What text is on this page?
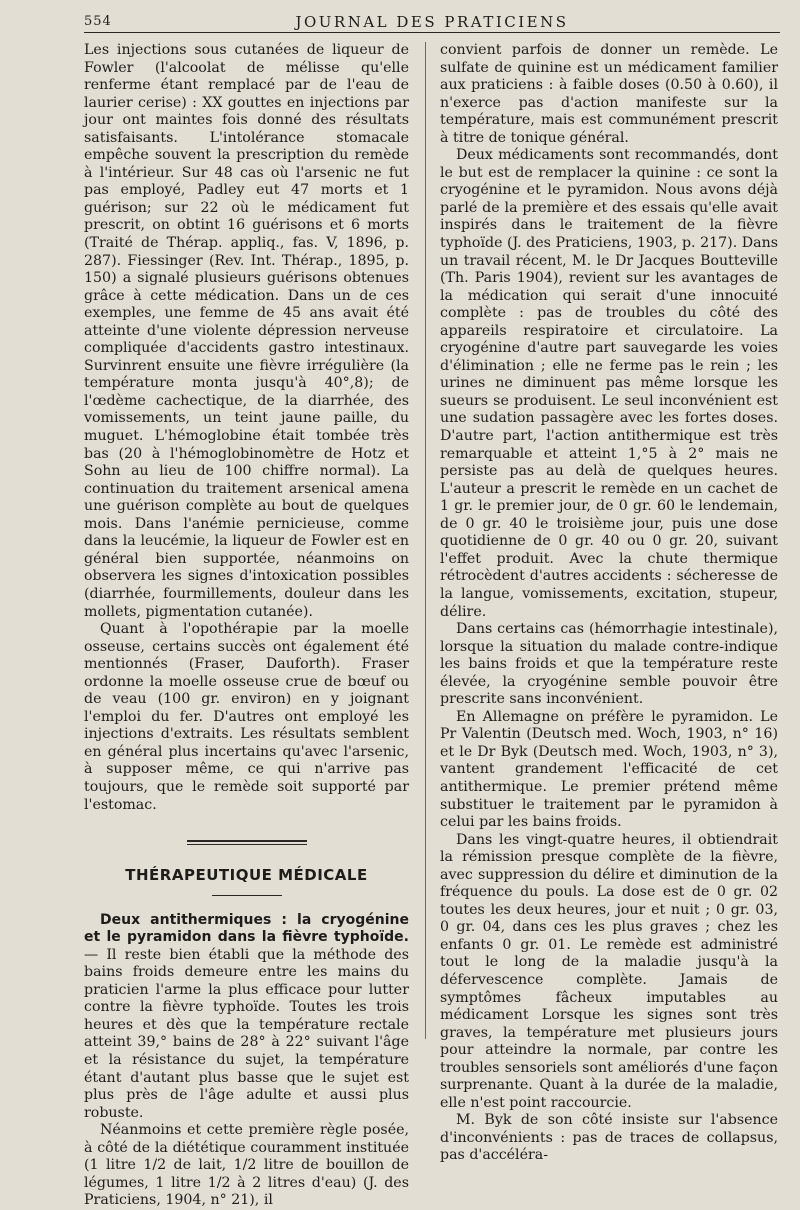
554	JOURNAL DES PRATICIENS

Les injections sous cutanées de liqueur de Fowler (l'alcoolat de mélisse qu'elle renferme étant remplacé par de l'eau de laurier cerise) : XX gouttes en injections par jour ont maintes fois donné des résultats satisfaisants. L'intolérance stomacale empêche souvent la prescription du remède à l'intérieur. Sur 48 cas où l'arsenic ne fut pas employé, Padley eut 47 morts et 1 guérison; sur 22 où le médicament fut prescrit, on obtint 16 guérisons et 6 morts (Traité de Thérap. appliq., fas. V, 1896, p. 287). Fiessinger (Rev. Int. Thérap., 1895, p. 150) a signalé plusieurs guérisons obtenues grâce à cette médication. Dans un de ces exemples, une femme de 45 ans avait été atteinte d'une violente dépression nerveuse compliquée d'accidents gastro intestinaux. Survinrent ensuite une fièvre irrégulière (la température monta jusqu'à 40°,8); de l'œdème cachectique, de la diarrhée, des vomissements, un teint jaune paille, du muguet. L'hémoglobine était tombée très bas (20 à l'hémoglobinomètre de Hotz et Sohn au lieu de 100 chiffre normal). La continuation du traitement arsenical amena une guérison complète au bout de quelques mois. Dans l'anémie pernicieuse, comme dans la leucémie, la liqueur de Fowler est en général bien supportée, néanmoins on observera les signes d'intoxication possibles (diarrhée, fourmillements, douleur dans les mollets, pigmentation cutanée).

Quant à l'opothérapie par la moelle osseuse, certains succès ont également été mentionnés (Fraser, Dauforth). Fraser ordonne la moelle osseuse crue de bœuf ou de veau (100 gr. environ) en y joignant l'emploi du fer. D'autres ont employé les injections d'extraits. Les résultats semblent en général plus incertains qu'avec l'arsenic, à supposer même, ce qui n'arrive pas toujours, que le remède soit supporté par l'estomac.

THÉRAPEUTIQUE MÉDICALE

Deux antithermiques : la cryogénine et le pyramidon dans la fièvre typhoïde. — Il reste bien établi que la méthode des bains froids demeure entre les mains du praticien l'arme la plus efficace pour lutter contre la fièvre typhoïde. Toutes les trois heures et dès que la température rectale atteint 39,° bains de 28° à 22° suivant l'âge et la résistance du sujet, la température étant d'autant plus basse que le sujet est plus près de l'âge adulte et aussi plus robuste.

Néanmoins et cette première règle posée, à côté de la diététique couramment instituée (1 litre 1/2 de lait, 1/2 litre de bouillon de légumes, 1 litre 1/2 à 2 litres d'eau) (J. des Praticiens, 1904, n° 21), il

convient parfois de donner un remède. Le sulfate de quinine est un médicament familier aux praticiens : à faible doses (0.50 à 0.60), il n'exerce pas d'action manifeste sur la température, mais est communément prescrit à titre de tonique général.

Deux médicaments sont recommandés, dont le but est de remplacer la quinine : ce sont la cryogénine et le pyramidon. Nous avons déjà parlé de la première et des essais qu'elle avait inspirés dans le traitement de la fièvre typhoïde (J. des Praticiens, 1903, p. 217). Dans un travail récent, M. le Dr Jacques Boutteville (Th. Paris 1904), revient sur les avantages de la médication qui serait d'une innocuité complète : pas de troubles du côté des appareils respiratoire et circulatoire. La cryogénine d'autre part sauvegarde les voies d'élimination ; elle ne ferme pas le rein ; les urines ne diminuent pas même lorsque les sueurs se produisent. Le seul inconvénient est une sudation passagère avec les fortes doses. D'autre part, l'action antithermique est très remarquable et atteint 1,°5 à 2° mais ne persiste pas au delà de quelques heures. L'auteur a prescrit le remède en un cachet de 1 gr. le premier jour, de 0 gr. 60 le lendemain, de 0 gr. 40 le troisième jour, puis une dose quotidienne de 0 gr. 40 ou 0 gr. 20, suivant l'effet produit. Avec la chute thermique rétrocèdent d'autres accidents : sécheresse de la langue, vomissements, excitation, stupeur, délire.

Dans certains cas (hémorrhagie intestinale), lorsque la situation du malade contre-indique les bains froids et que la température reste élevée, la cryogénine semble pouvoir être prescrite sans inconvénient.

En Allemagne on préfère le pyramidon. Le Pr Valentin (Deutsch med. Woch, 1903, n° 16) et le Dr Byk (Deutsch med. Woch, 1903, n° 3), vantent grandement l'efficacité de cet antithermique. Le premier prétend même substituer le traitement par le pyramidon à celui par les bains froids.

Dans les vingt-quatre heures, il obtiendrait la rémission presque complète de la fièvre, avec suppression du délire et diminution de la fréquence du pouls. La dose est de 0 gr. 02 toutes les deux heures, jour et nuit ; 0 gr. 03, 0 gr. 04, dans ces les plus graves ; chez les enfants 0 gr. 01. Le remède est administré tout le long de la maladie jusqu'à la défervescence complète. Jamais de symptômes fâcheux imputables au médicament Lorsque les signes sont très graves, la température met plusieurs jours pour atteindre la normale, par contre les troubles sensoriels sont améliorés d'une façon surprenante. Quant à la durée de la maladie, elle n'est point raccourcie.

M. Byk de son côté insiste sur l'absence d'inconvénients : pas de traces de collapsus, pas d'accéléra-
